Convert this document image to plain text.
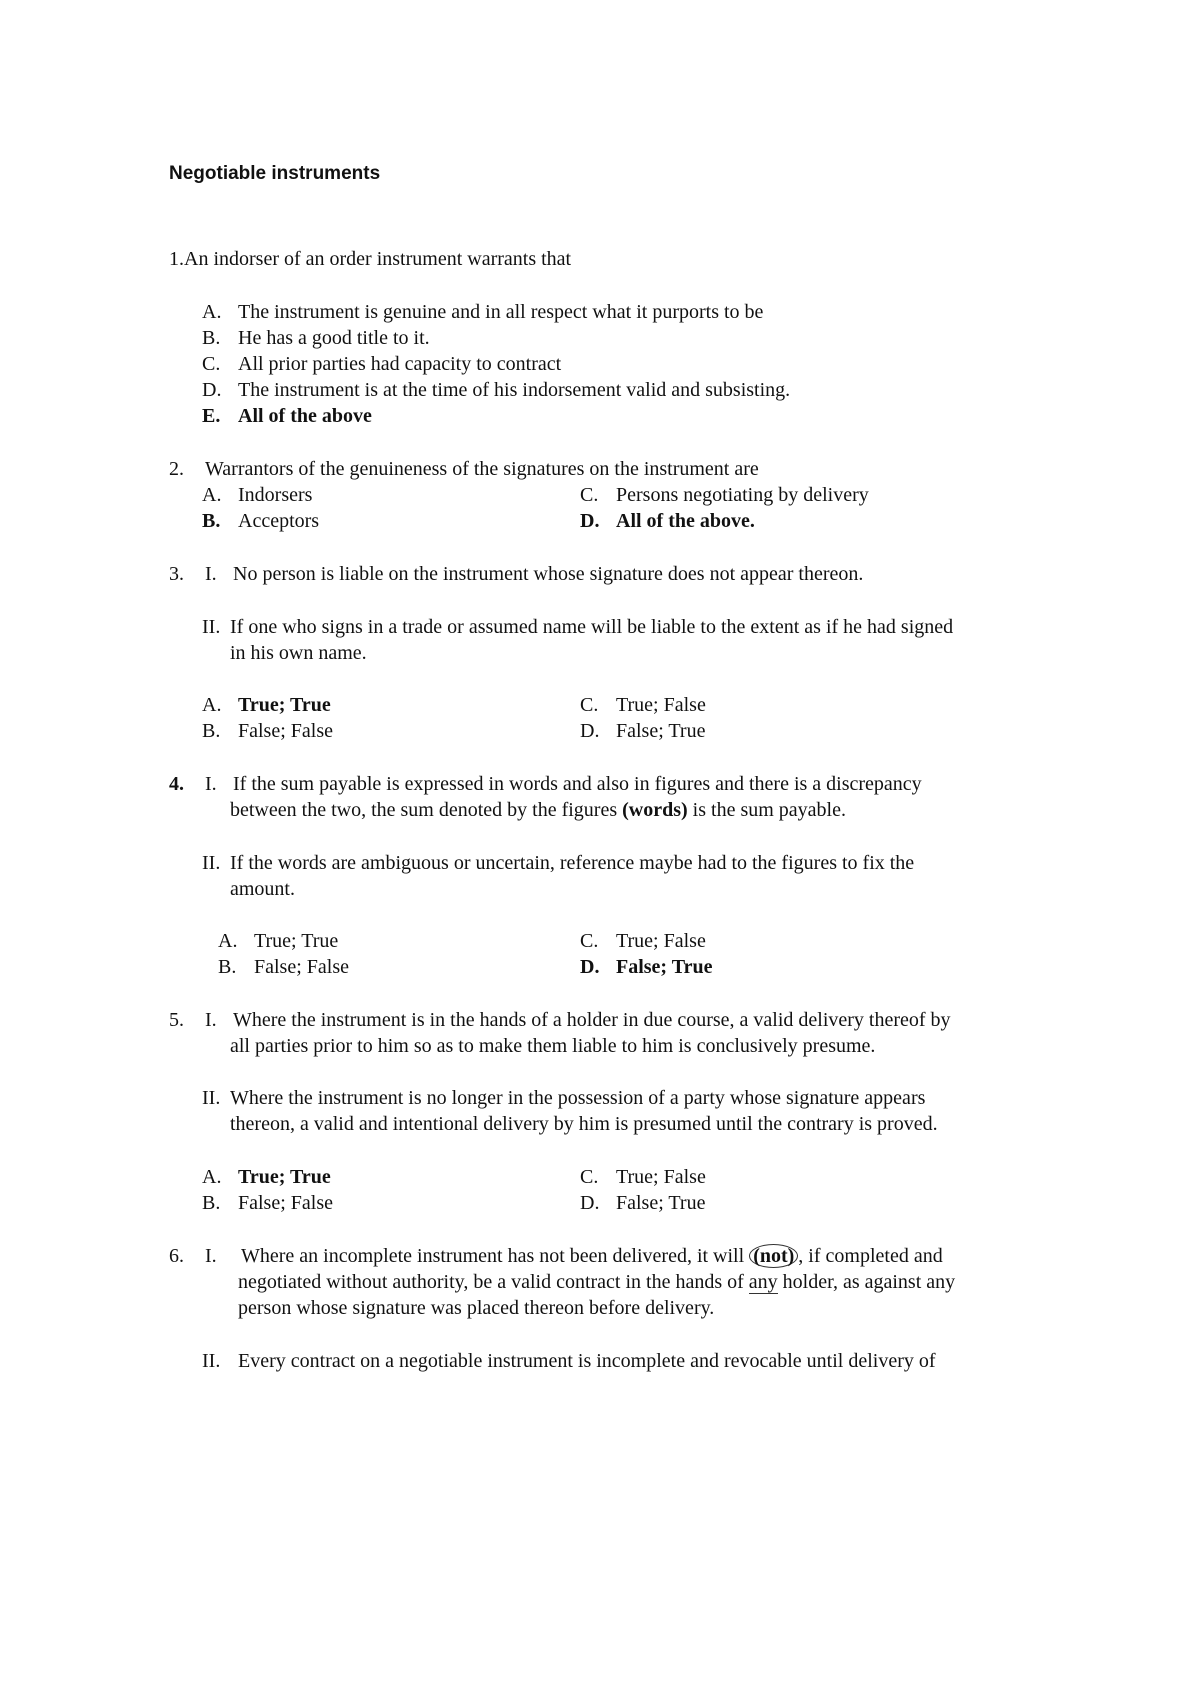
Negotiable instruments
1.An indorser of an order instrument warrants that
A. The instrument is genuine and in all respect what it purports to be
B. He has a good title to it.
C. All prior parties had capacity to contract
D. The instrument is at the time of his indorsement valid and subsisting.
E. All of the above
2. Warrantors of the genuineness of the signatures on the instrument are
A. Indorsers	C. Persons negotiating by delivery
B. Acceptors	D. All of the above.
3. I. No person is liable on the instrument whose signature does not appear thereon.
II. If one who signs in a trade or assumed name will be liable to the extent as if he had signed
in his own name.
A. True; True	C. True; False
B. False; False	D. False; True
4. I. If the sum payable is expressed in words and also in figures and there is a discrepancy
between the two, the sum denoted by the figures (words) is the sum payable.
II. If the words are ambiguous or uncertain, reference maybe had to the figures to fix the
amount.
A. True; True	C. True; False
B. False; False	D. False; True
5. I. Where the instrument is in the hands of a holder in due course, a valid delivery thereof by
all parties prior to him so as to make them liable to him is conclusively presume.
II. Where the instrument is no longer in the possession of a party whose signature appears
thereon, a valid and intentional delivery by him is presumed until the contrary is proved.
A. True; True	C. True; False
B. False; False	D. False; True
6. I. Where an incomplete instrument has not been delivered, it will (not) , if completed and
negotiated without authority, be a valid contract in the hands of any holder, as against any
person whose signature was placed thereon before delivery.
II. Every contract on a negotiable instrument is incomplete and revocable until delivery of
